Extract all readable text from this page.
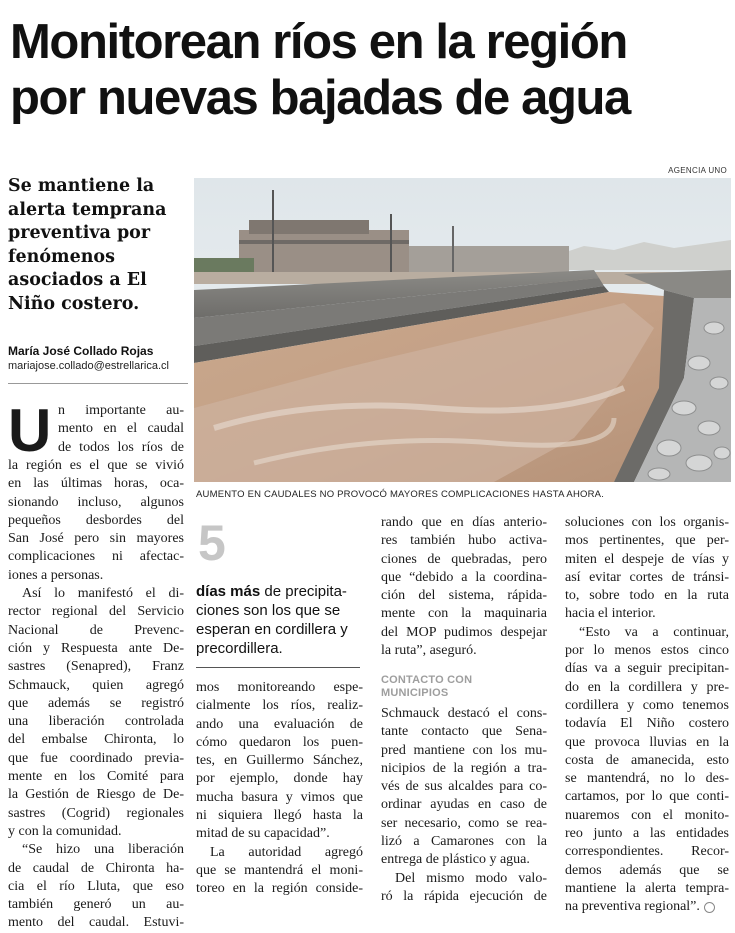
Monitorean ríos en la región
por nuevas bajadas de agua
AGENCIA UNO
Se mantiene la
alerta temprana
preventiva por
fenómenos
asociados a El
Niño costero.
María José Collado Rojas
mariajose.collado@estrellarica.cl
AUMENTO EN CAUDALES NO PROVOCÓ MAYORES COMPLICACIONES HASTA AHORA.
U n importante au-
mento en el caudal
de todos los ríos de
la región es el que se vivió
en las últimas horas, oca-
sionando incluso, algunos
pequeños desbordes del
San José pero sin mayores
complicaciones ni afectac-
iones a personas.
Así lo manifestó el di-
rector regional del Servicio
Nacional de Prevenc-
ción y Respuesta ante De-
sastres (Senapred), Franz
Schmauck, quien agregó
que además se registró
una liberación controlada
del embalse Chironta, lo
que fue coordinado previa-
mente en los Comité para
la Gestión de Riesgo de De-
sastres (Cogrid) regionales
y con la comunidad.
“Se hizo una liberación
de caudal de Chironta ha-
cia el río Lluta, que eso
también generó un au-
mento del caudal. Estuvi-
5
días más de precipita-
ciones son los que se
esperan en cordillera y
precordillera.
mos monitoreando espe-
cialmente los ríos, realiz-
ando una evaluación de
cómo quedaron los puen-
tes, en Guillermo Sánchez,
por ejemplo, donde hay
mucha basura y vimos que
ni siquiera llegó hasta la
mitad de su capacidad”.
La autoridad agregó
que se mantendrá el moni-
toreo en la región conside-
rando que en días anterio-
res también hubo activa-
ciones de quebradas, pero
que “debido a la coordina-
ción del sistema, rápida-
mente con la maquinaria
del MOP pudimos despejar
la ruta”, aseguró.
CONTACTO CON
MUNICIPIOS
Schmauck destacó el cons-
tante contacto que Sena-
pred mantiene con los mu-
nicipios de la región a tra-
vés de sus alcaldes para co-
ordinar ayudas en caso de
ser necesario, como se rea-
lizó a Camarones con la
entrega de plástico y agua.
Del mismo modo valo-
ró la rápida ejecución de
soluciones con los organis-
mos pertinentes, que per-
miten el despeje de vías y
así evitar cortes de tránsi-
to, sobre todo en la ruta
hacia el interior.
“Esto va a continuar,
por lo menos estos cinco
días va a seguir precipitan-
do en la cordillera y pre-
cordillera y como tenemos
todavía El Niño costero
que provoca lluvias en la
costa de amanecida, esto
se mantendrá, no lo des-
cartamos, por lo que conti-
nuaremos con el monito-
reo junto a las entidades
correspondientes. Recor-
demos además que se
mantiene la alerta tempra-
na preventiva regional”.
